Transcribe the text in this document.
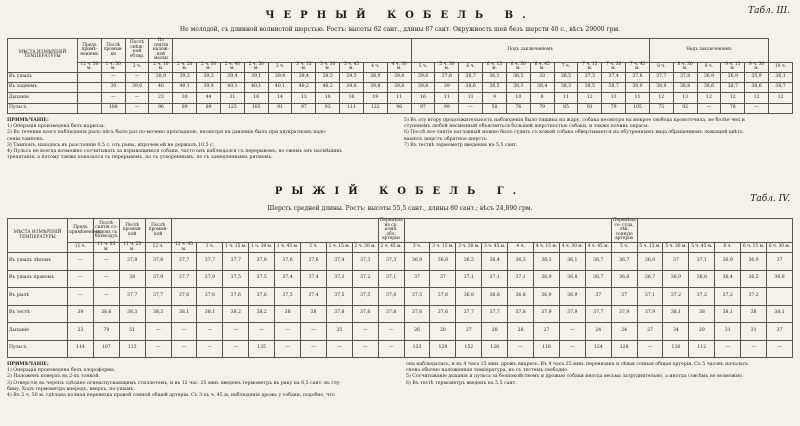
Табл. III.
ЧЕРНЫЙ КОБЕЛЬ В.
Не молодой, съ длинной волнистой шерстью. Ростъ: высоты 62 сант., длины 87 сант. Окружность шеи безъ шерсти 40 с., вѣсъ 29000 грм.
МѢСТА ИЗМѢРЕНІЙ ТЕМПЕРАТУРЫ	Предъ примѣ-неніемъ	Послѣ промыв-ки	Послѣ снѣж-ной обтир.	По снятіи налож-ной маски											Подъ заключеніемъ										Надъ заключеніемъ					
	12 ч. 30 м.	1 ч. 50 м.	2 ч.	2 ч. 10 м.	2 ч. 20 м.	2 ч. 30 м.	2 ч. 40 м.	2 ч. 50 м.	3 ч.	3 ч. 15 м.	3 ч. 30 м.	3 ч. 45 м.	4 ч.	4 ч. 30 м.	5 ч.	5 ч. 30 м.	6 ч.	6 ч. 15 м.	6 ч. 30 м.	6 ч. 45 м.	7 ч.	7 ч. 15 м.	7 ч. 30 м.	7 ч. 45 м.	8 ч.	8 ч. 30 м.	9 ч.	9 ч. 15 м.	9 ч. 30 м.	10 ч.
Въ ушахъ		—	—	38,9	39,3	39,3	39,4	39,1	39,4	39,4	39,5	39,5	38,9	39,6	39,6	37,8	36,7	36,1	36,5	33	36,5	37,3	37,4	37,6	37,7	37,8	36,9	36,9	35,9	36,1
Въ заднемъ		39	39,6	40	40,1	39,9	40,1	40,1	40,1	40,2	40,2	39,8	39,8	39,6	39,8	39	38,6	38,5	38,3	38,4	38,3	38,5	38,7	38,9	38,9	38,8	38,6	38,7	38,6	38,7
Дыханіе		—	—	23	30	44	31	16	14	13	18	16	19	11	16	11	11	9	10	8	11	12	13	11	12	13	12	12	12	12
Пульсъ		108	—	96	89	89	125	105	91	97	93	111	122	98	97	99	—	50	76	79	85	91	79	105	75	92	—	78	—	
ПРИМѢЧАНІЕ:
1) Операція произведена безъ наркоза.
2) Въ течение всего наблюденія рыло пёсъ было раз по-мочено прохладною, несмотря на давленіе было при двукратномъ надо-
сеніи тампонъ.
3) Тампонъ, находясь въ разстояніи 0,5 с. отъ раны, впрочем ей не держалъ 10,5 с.
4) Пульсъ не всегда возможно сосчитывать за взрыващиміся собаки, часто онъ наблюдался съ перерывомъ, во сжемъ онъ насмѣшивъ
трепетанія, а потому также показался съ перерывомъ, по съ ускореннымъ, по съ замедленнымъ ритмомъ.
5) Въ эту втору продолжительность наблюденія было тишина на жару, собака несмотря на мокрое свобода кровоточила, не болѣе чеп и
ступенемъ любой несменный объясниться большей шерстностью собаки, и также поливъ окрасы.
6) Послѣ все снятіе наглавный можно было судить съ кожей собака обвертывается на обутреннымъ вида обращениемъ лежащей цвѣтъ.
вахнілъ шерстъ обратное шерсть.
7) Въ тествѣ термометр введения на 5,5 сант.
РЫЖІЙ КОБЕЛЬ Г.
Табл. IV.
Шерсть средней длины. Ростъ: высоты 55,5 сант., длины 80 сант.; вѣсъ 24,890 грм.
МѢСТА ИЗМѢРЕНІЙ ТЕМПЕРАТУРЫ	Предъ примѣненіемъ	Послѣ снятія со- судовъ съ безвоздух.	Послѣ промыв- кой	Послѣ промыв- кой									Перемѣна на ср. комп. обл. артерію									Перемѣна со- суда, лѣв. сонную артерію						
	11 ч.	11 ч. 05 м.	11 ч. 25 м.	12 ч.	12 ч. 45 м.	1 ч.	1 ч. 15 м.	1 ч. 30 м.	1 ч. 45 м.	2 ч.	2 ч. 15 м.	2 ч. 30 м.	2 ч. 45 м.	3 ч.	3 ч. 15 м.	3 ч. 30 м.	3 ч. 45 м.	4 ч.	4 ч. 15 м.	4 ч. 30 м.	4 ч. 45 м.	5 ч.	5 ч. 15 м.	5 ч. 30 м.	5 ч. 45 м.	6 ч.	6 ч. 15 м.	6 ч. 30 м.
Въ ушахъ лѣвомъ	—	—	37,8	37,8	37,7	37,7	37,7	37,6	37,6	37,6	37,4	37,3	37,3	36,9	36,8	36,5	36,4	36,3	36,3	36,1	36,7	36,7	36,9	37	37,1	36,9	36,9	37
Въ ушахъ правомъ	—	—	38	37,9	37,7	37,9	37,5	37,5	37,4	37,4	37,3	37,2	37,1	37	37	37,1	37,1	37,1	36,9	36,8	36,7	36,8	36,7	36,9	36,8	36,4	36,5	36,8
Въ рылѣ	—	—	37,7	37,7	37,6	37,6	37,6	37,6	37,5	37,4	37,5	37,5	37,6	37,5	37,6	36,8	36,8	36,8	36,9	36,9	37	37	37,1	37,2	37,2	37,2	37,2	
Въ тестѣ	39	38,6	38,3	38,3	38,1	38,1	38,2	38,2	38	38	37,8	37,8	37,8	37,6	37,6	37,7	37,7	37,8	37,9	37,9	37,7	37,9	37,9	38,1	38	38,1	38	38,1
Дыханіе	23	79	51	—	—	—	—	—	—	—	35	—	—	26	20	27	28	28	27	—	24	24	27	34	29	31	31	37
Пульсъ	114	107	123	—	—	—	—	135	—	—	—	—	—	133	129	152	128	—	118	—	124	128	—	126	112	—	—	—
ПРИМѢЧАНІЕ:
1) Операція произведена безъ хлороформа.
2) Наложенъ поверхъ въ 2-хъ тонкой.
3) Отверстіе въ черепъ сдѣлано огнеиспускающимъ стиллетомъ, и въ 12 час. 25 мин. введенъ термометръ въ раку на 6,5 сант. въ глу-
бину. Ходъ термометра впередъ, вверхъ, по-ушамъ.
4) Въ 2 ч. 50 м. сдѣлана полная перевязка правой сонной общей артеріи. Съ 3-хъ ч. 45 м. наблюденія дрожь у собаки, подобно, что
она наблюдалась, и въ 4 часа 15 мин. дрожь виаресь. Въ 4 часа 25 мин. перевязана и лѣвая сонная общая артерія. Съ 5 часовъ началась
снова обычно наложенная температура, но съ тестемъ свободно.
5) Сосчитываніе дыханія и пульса за безпокойствомъ и дрожью собаки иногда весьма затруднительно, а иногда совсѣмъ не возможно.
6) Въ тестѣ термометръ введенъ на 5,5 сант.
